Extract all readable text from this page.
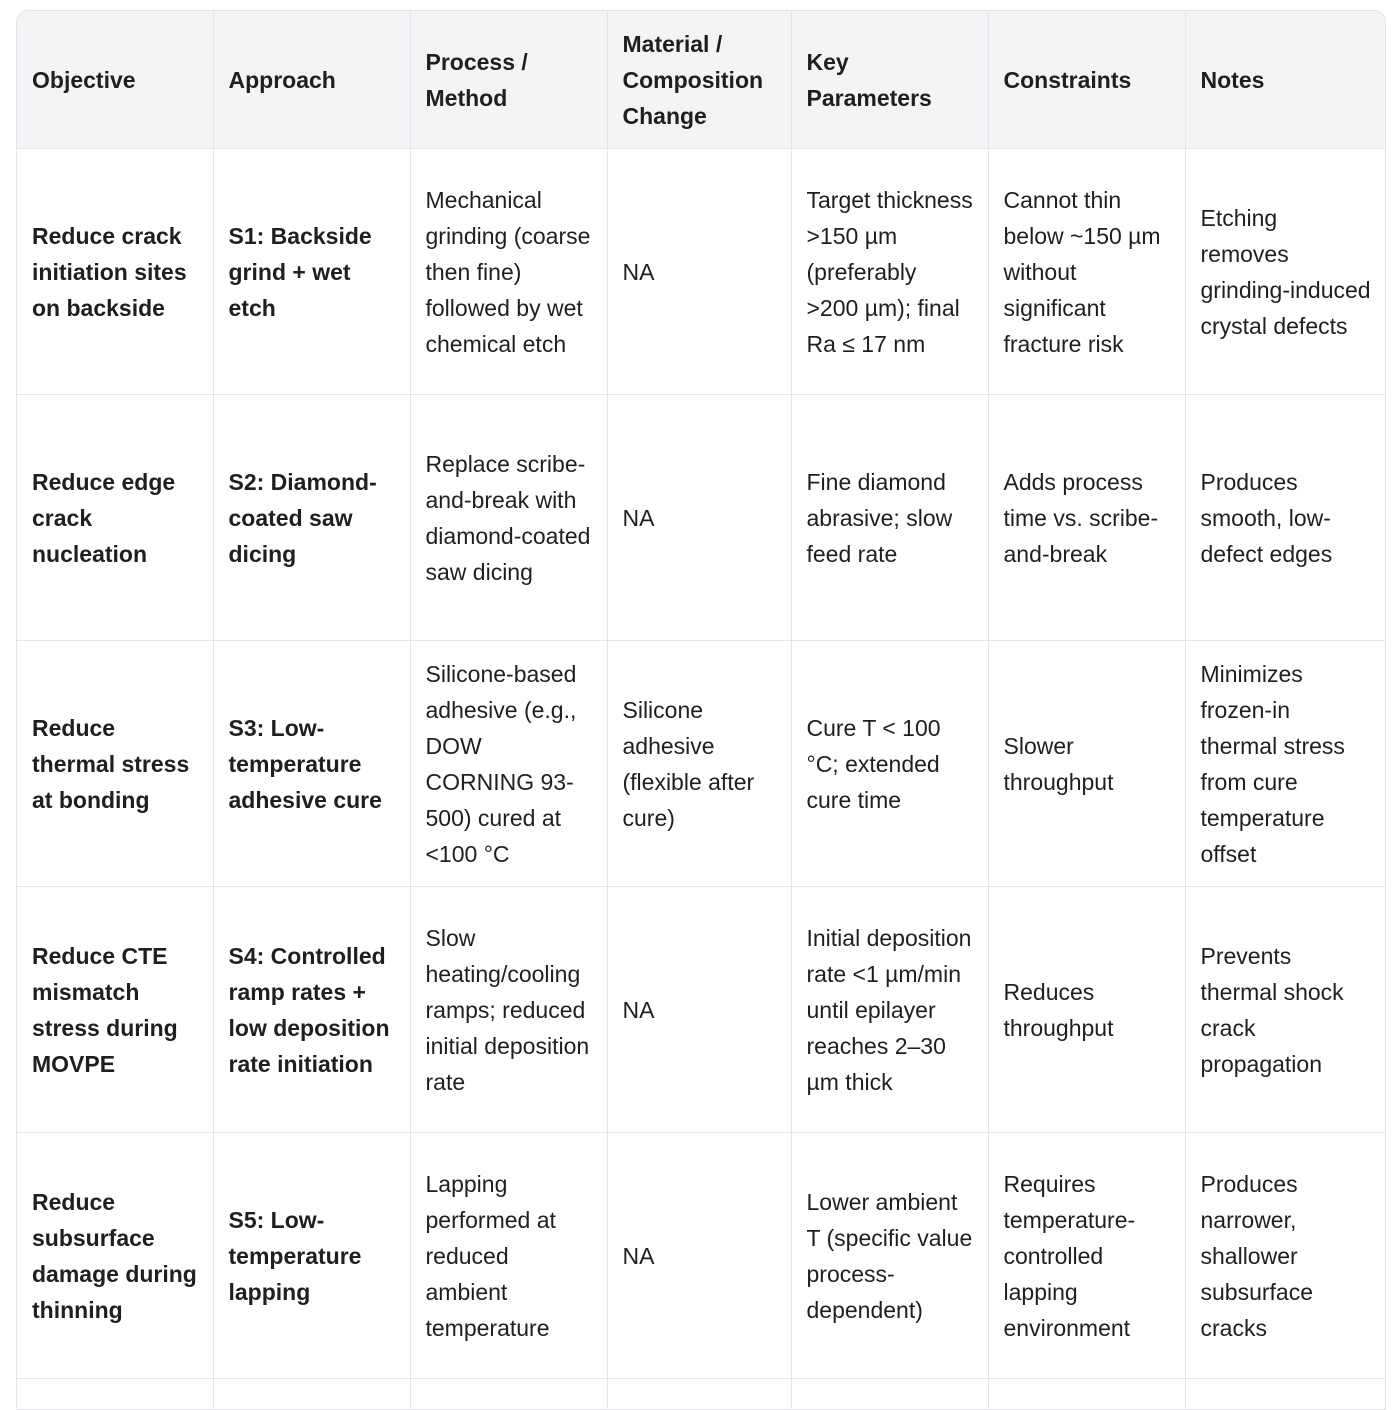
Objective	Approach	Process / Method	Material / Composition Change	Key Parameters	Constraints	Notes
Reduce crack initiation sites on backside	S1: Backside grind + wet etch	Mechanical grinding (coarse then fine) followed by wet chemical etch	NA	Target thickness >150 µm (preferably >200 µm); final Ra ≤ 17 nm	Cannot thin below ~150 µm without significant fracture risk	Etching removes grinding-induced crystal defects
Reduce edge crack nucleation	S2: Diamond-coated saw dicing	Replace scribe-and-break with diamond-coated saw dicing	NA	Fine diamond abrasive; slow feed rate	Adds process time vs. scribe-and-break	Produces smooth, low-defect edges
Reduce thermal stress at bonding	S3: Low-temperature adhesive cure	Silicone-based adhesive (e.g., DOW CORNING 93-500) cured at <100 °C	Silicone adhesive (flexible after cure)	Cure T < 100 °C; extended cure time	Slower throughput	Minimizes frozen-in thermal stress from cure temperature offset
Reduce CTE mismatch stress during MOVPE	S4: Controlled ramp rates + low deposition rate initiation	Slow heating/cooling ramps; reduced initial deposition rate	NA	Initial deposition rate <1 µm/min until epilayer reaches 2–30 µm thick	Reduces throughput	Prevents thermal shock crack propagation
Reduce subsurface damage during thinning	S5: Low-temperature lapping	Lapping performed at reduced ambient temperature	NA	Lower ambient T (specific value process-dependent)	Requires temperature-controlled lapping environment	Produces narrower, shallower subsurface cracks
